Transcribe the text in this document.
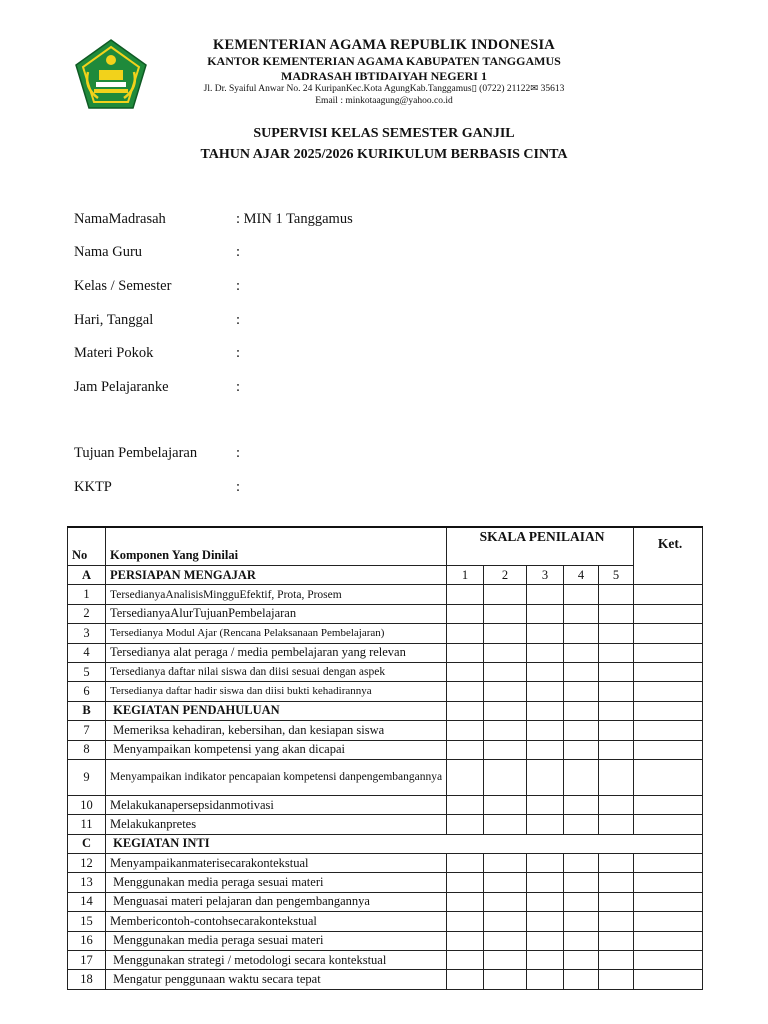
KEMENTERIAN AGAMA REPUBLIK INDONESIA
KANTOR KEMENTERIAN AGAMA KABUPATEN TANGGAMUS
MADRASAH IBTIDAIYAH NEGERI 1
Jl. Dr. Syaiful Anwar No. 24 KuripanKec.Kota AgungKab.Tanggamus▯ (0722) 21122✉ 35613
Email : minkotaagung@yahoo.co.id
SUPERVISI KELAS SEMESTER GANJIL
TAHUN AJAR 2025/2026 KURIKULUM BERBASIS CINTA
NamaMadrasah	: MIN 1 Tanggamus
Nama Guru	:
Kelas / Semester	:
Hari, Tanggal	:
Materi Pokok	:
Jam Pelajaranke	:
Tujuan Pembelajaran	:
KKTP	:
No	Komponen Yang Dinilai	SKALA PENILAIAN					Ket.
A	PERSIAPAN MENGAJAR	1	2	3	4	5	
1	TersedianyaAnalisisMingguEfektif, Prota, Prosem						
2	TersedianyaAlurTujuanPembelajaran						
3	Tersedianya Modul Ajar (Rencana Pelaksanaan Pembelajaran)						
4	Tersedianya alat peraga / media pembelajaran yang relevan						
5	Tersedianya daftar nilai siswa dan diisi sesuai dengan aspek						
6	Tersedianya daftar hadir siswa dan diisi bukti kehadirannya						
B	KEGIATAN PENDAHULUAN						
7	Memeriksa kehadiran, kebersihan, dan kesiapan siswa						
8	Menyampaikan kompetensi yang akan dicapai						
9	Menyampaikan indikator pencapaian kompetensi danpengembangannya						
10	Melakukanapersepsidanmotivasi						
11	Melakukanpretes						
C	KEGIATAN INTI						
12	Menyampaikanmaterisecarakontekstual						
13	Menggunakan media peraga sesuai materi						
14	Menguasai materi pelajaran dan pengembangannya						
15	Membericontoh-contohsecarakontekstual						
16	Menggunakan media peraga sesuai materi						
17	Menggunakan strategi / metodologi secara kontekstual						
18	Mengatur penggunaan waktu secara tepat						
